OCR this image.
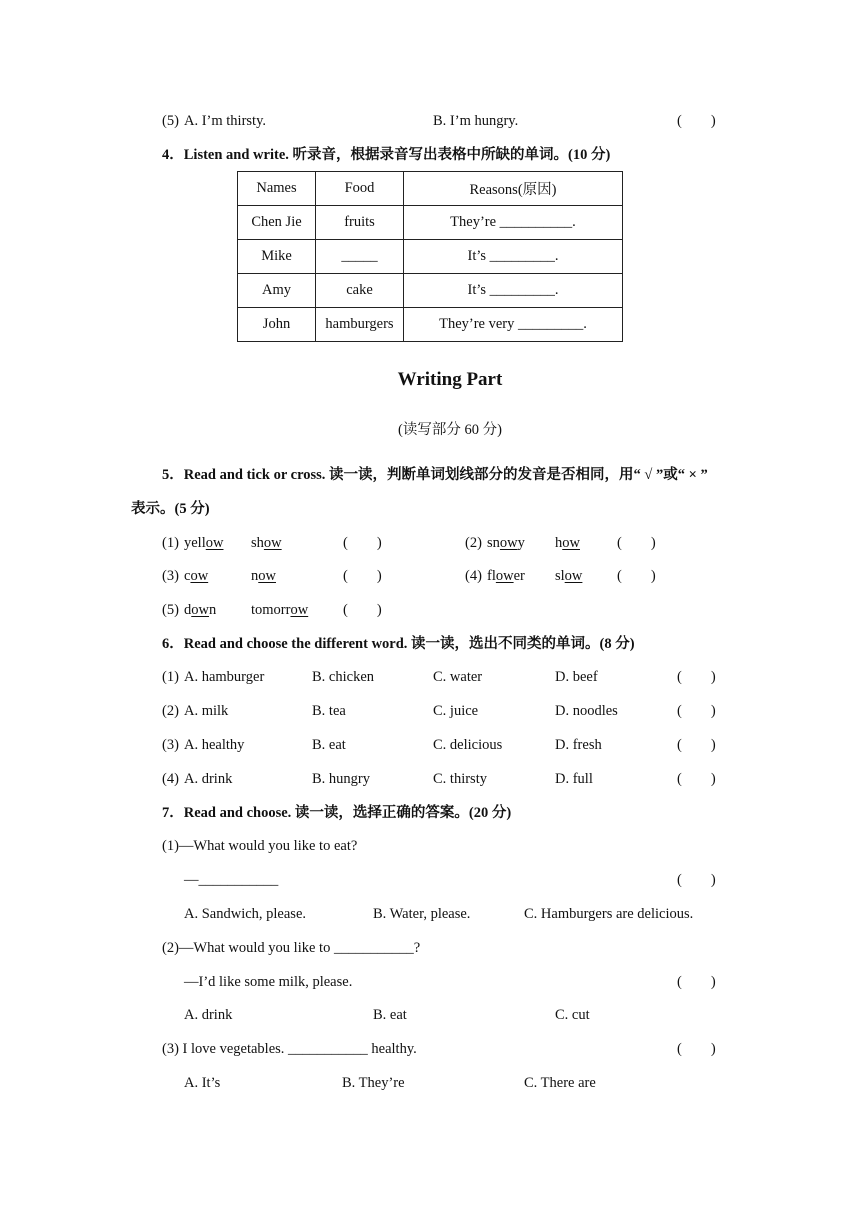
(5) A. I’m thirsty.	B. I’m hungry.	(　　)
4．Listen and write. 听录音，根据录音写出表格中所缺的单词。(10 分)
Names	Food	Reasons(原因)
Chen Jie	fruits	They’re __________.
Mike	_____	It’s _________.
Amy	cake	It’s _________.
John	hamburgers	They’re very _________.
Writing Part
(读写部分 60 分)
5．Read and tick or cross. 读一读，判断单词划线部分的发音是否相同，用“ √ ”或“ × ”
表示。(5 分)
(1) yellow show	(　　)	(2) snowy how	(　　)
(3) cow	now	(　　)	(4) flower slow (　　)
(5) down tomorrow (　　)
6．Read and choose the different word. 读一读，选出不同类的单词。(8 分)
(1) A. hamburger	B. chicken	C. water	D. beef	(　　)
(2) A. milk	B. tea	C. juice	D. noodles	(　　)
(3) A. healthy	B. eat	C. delicious	D. fresh	(　　)
(4) A. drink	B. hungry	C. thirsty	D. full	(　　)
7．Read and choose. 读一读，选择正确的答案。(20 分)
(1)—What would you like to eat?
—___________	(　　)
A. Sandwich, please.	B. Water, please.	C. Hamburgers are delicious.
(2)—What would you like to ___________?
—I’d like some milk, please.	(　　)
A. drink	B. eat	C. cut
(3) I love vegetables. ___________ healthy.	(　　)
A. It’s	B. They’re	C. There are
